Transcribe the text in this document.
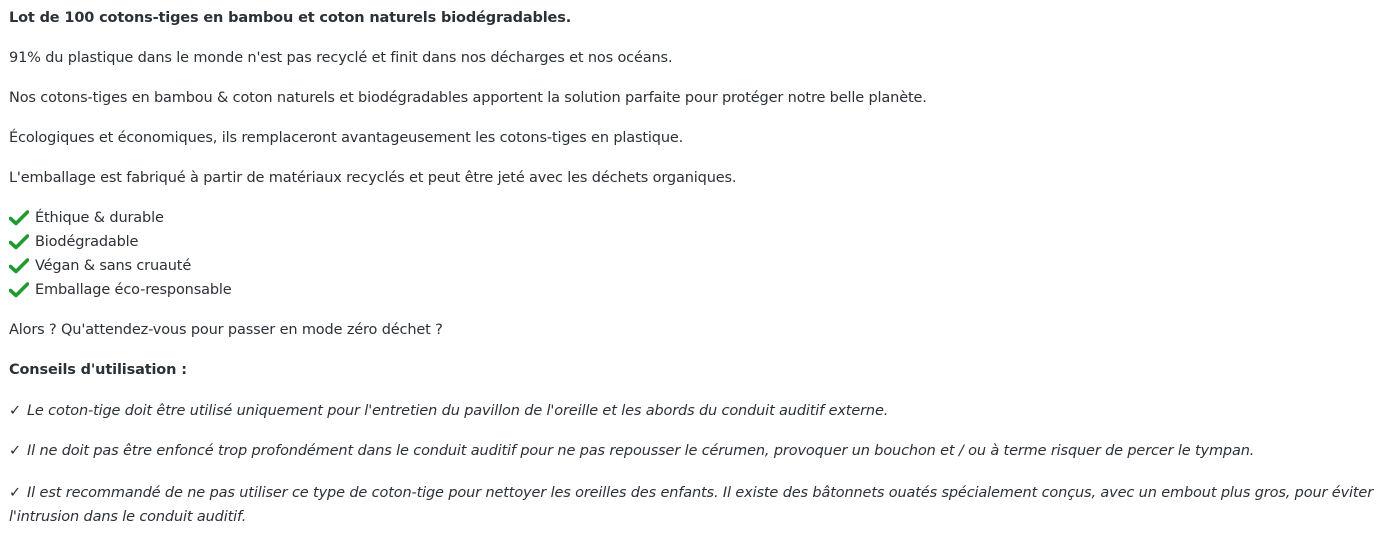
Lot de 100 cotons-tiges en bambou et coton naturels biodégradables.
91% du plastique dans le monde n'est pas recyclé et finit dans nos décharges et nos océans.
Nos cotons-tiges en bambou & coton naturels et biodégradables apportent la solution parfaite pour protéger notre belle planète.
Écologiques et économiques, ils remplaceront avantageusement les cotons-tiges en plastique.
L'emballage est fabriqué à partir de matériaux recyclés et peut être jeté avec les déchets organiques.
Éthique & durable
Biodégradable
Végan & sans cruauté
Emballage éco-responsable
Alors ? Qu'attendez-vous pour passer en mode zéro déchet ?
Conseils d'utilisation :
✓ Le coton-tige doit être utilisé uniquement pour l'entretien du pavillon de l'oreille et les abords du conduit auditif externe.
✓ Il ne doit pas être enfoncé trop profondément dans le conduit auditif pour ne pas repousser le cérumen, provoquer un bouchon et / ou à terme risquer de percer le tympan.
✓ Il est recommandé de ne pas utiliser ce type de coton-tige pour nettoyer les oreilles des enfants. Il existe des bâtonnets ouatés spécialement conçus, avec un embout plus gros, pour éviter l'intrusion dans le conduit auditif.
